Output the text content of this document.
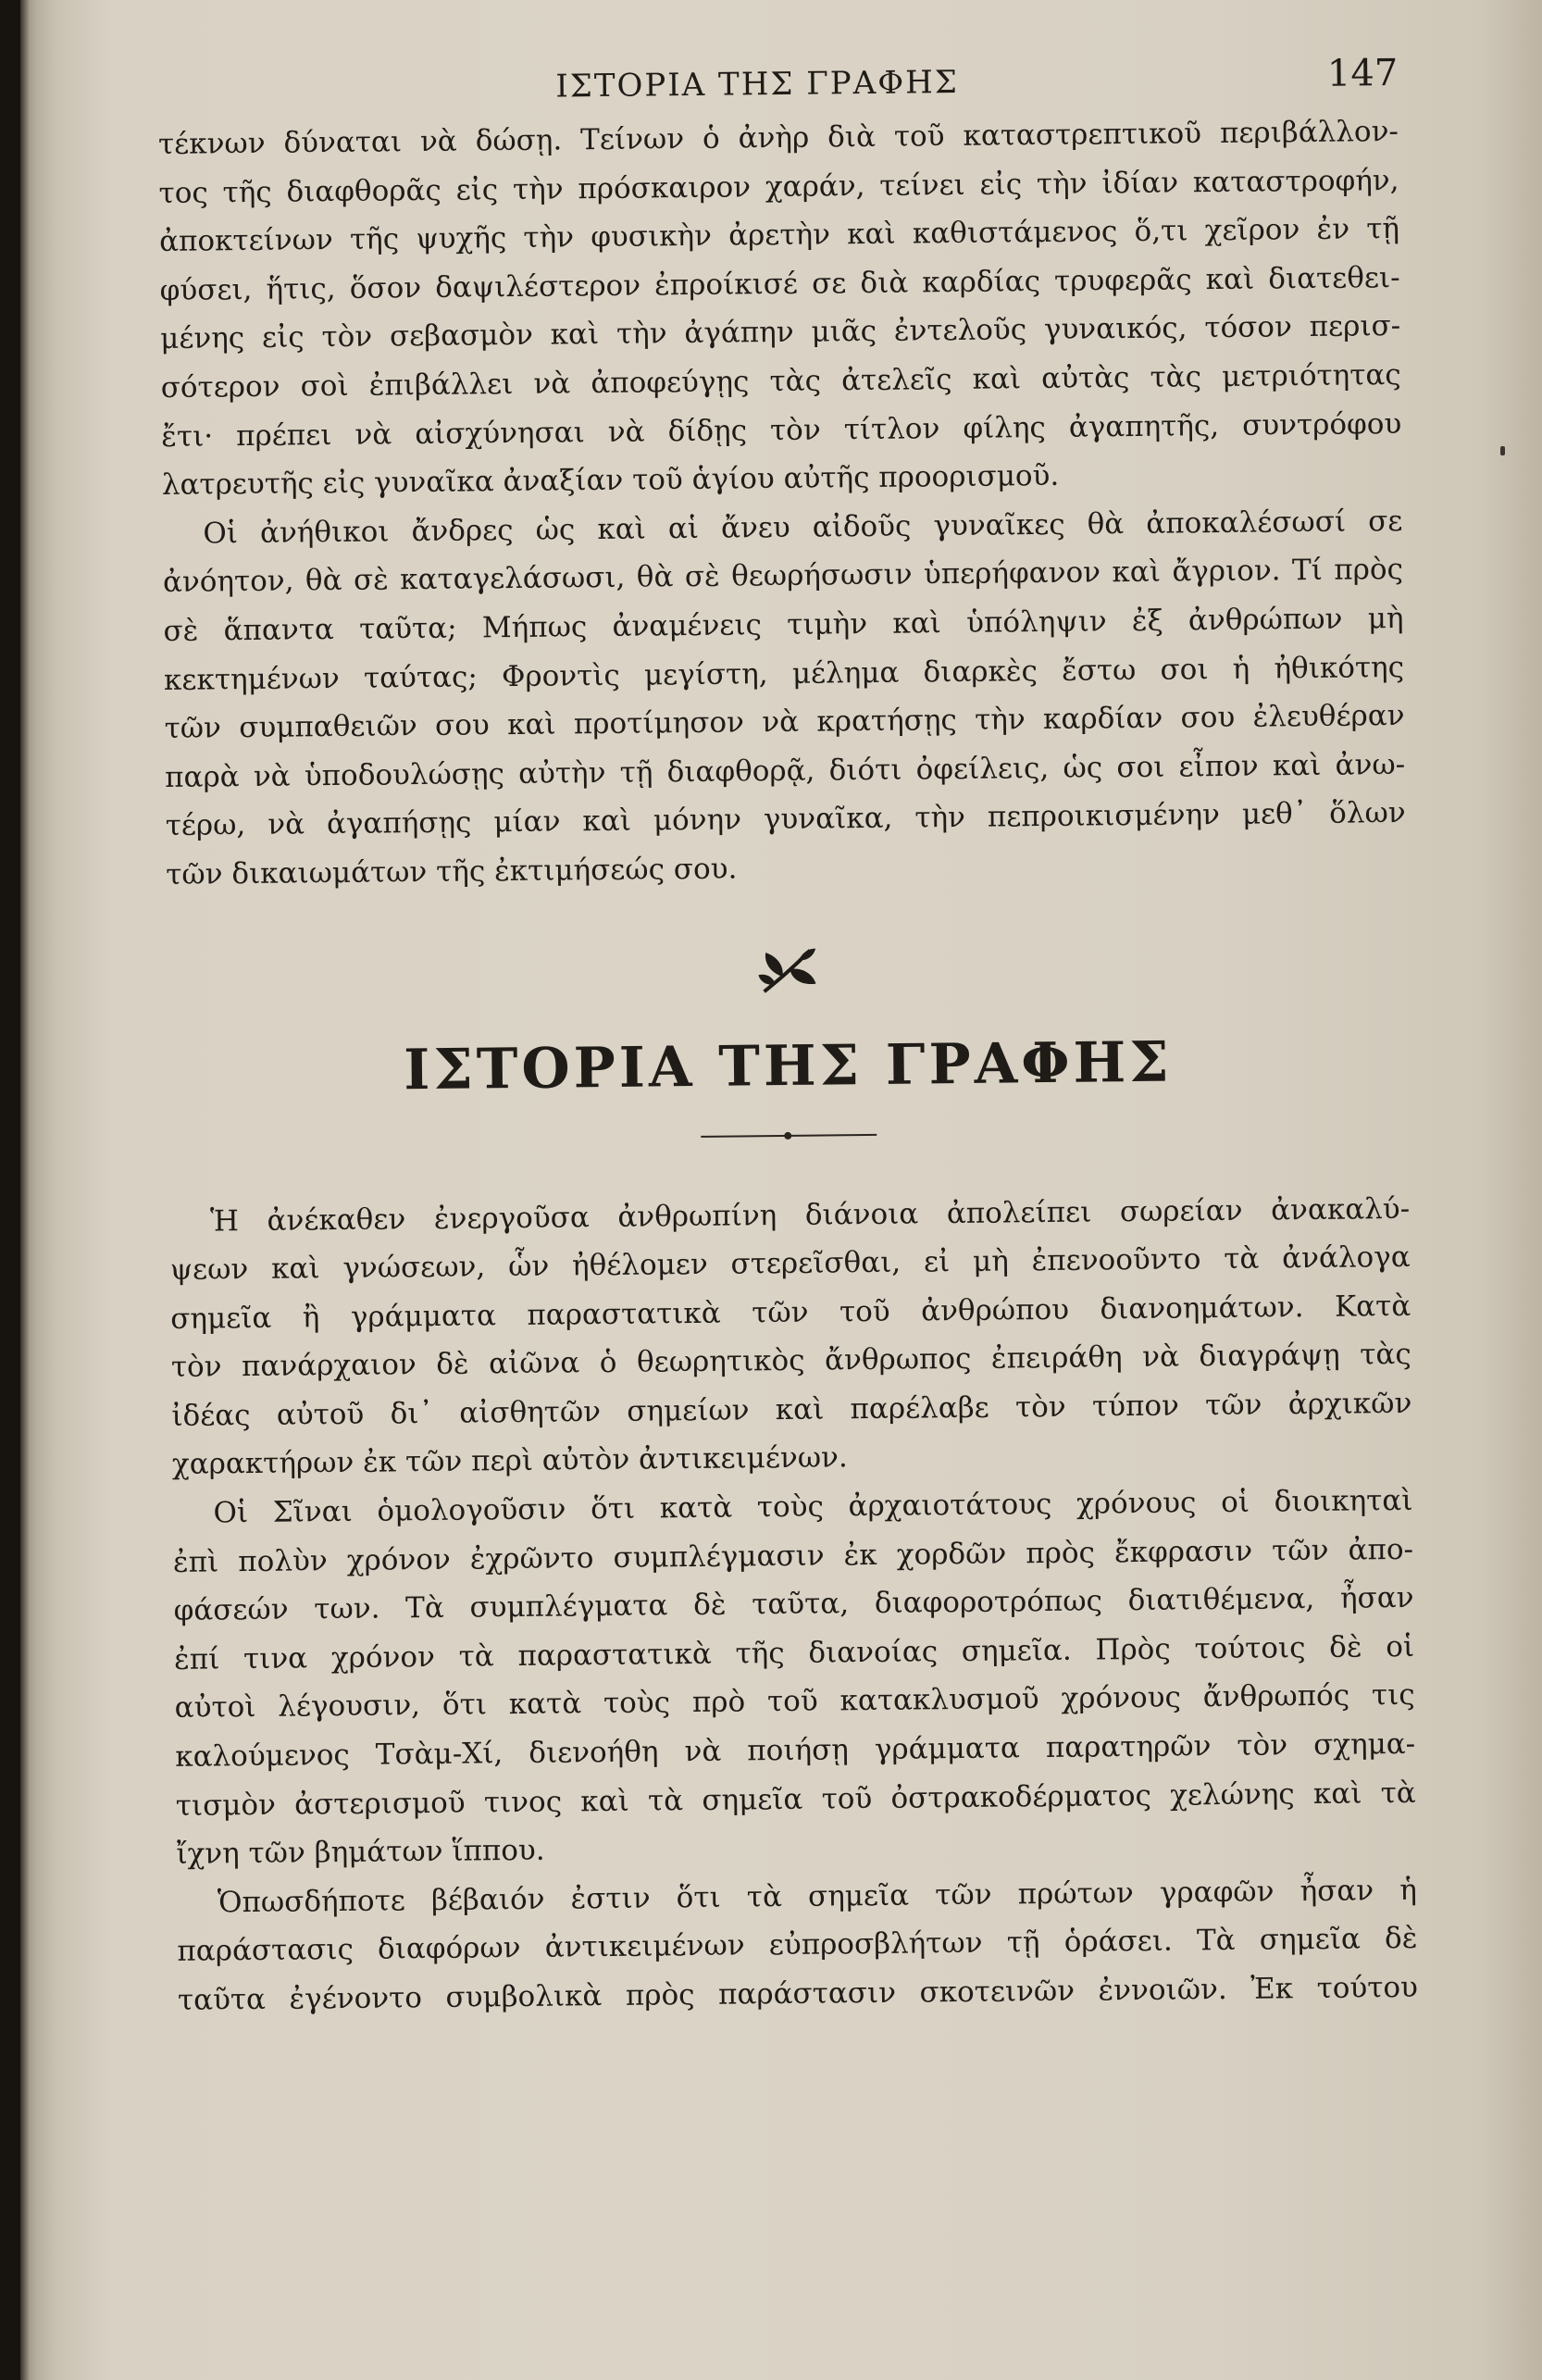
ΙΣΤΟΡΙΑ ΤΗΣ ΓΡΑΦΗΣ	147

τέκνων δύναται νὰ δώσῃ. Τείνων ὁ ἀνὴρ διὰ τοῦ καταστρεπτικοῦ περιβάλλον-
τος τῆς διαφθορᾶς εἰς τὴν πρόσκαιρον χαράν, τείνει εἰς τὴν ἰδίαν καταστροφήν,
ἀποκτείνων τῆς ψυχῆς τὴν φυσικὴν ἀρετὴν καὶ καθιστάμενος ὅ,τι χεῖρον ἐν τῇ
φύσει, ἥτις, ὅσον δαψιλέστερον ἐπροίκισέ σε διὰ καρδίας τρυφερᾶς καὶ διατεθει-
μένης εἰς τὸν σεβασμὸν καὶ τὴν ἀγάπην μιᾶς ἐντελοῦς γυναικός, τόσον περισ-
σότερον σοὶ ἐπιβάλλει νὰ ἀποφεύγῃς τὰς ἀτελεῖς καὶ αὐτὰς τὰς μετριότητας
ἔτι· πρέπει νὰ αἰσχύνησαι νὰ δίδῃς τὸν τίτλον φίλης ἀγαπητῆς, συντρόφου
λατρευτῆς εἰς γυναῖκα ἀναξίαν τοῦ ἁγίου αὐτῆς προορισμοῦ.
Οἱ ἀνήθικοι ἄνδρες ὡς καὶ αἱ ἄνευ αἰδοῦς γυναῖκες θὰ ἀποκαλέσωσί σε
ἀνόητον, θὰ σὲ καταγελάσωσι, θὰ σὲ θεωρήσωσιν ὑπερήφανον καὶ ἄγριον. Τί πρὸς
σὲ ἅπαντα ταῦτα; Μήπως ἀναμένεις τιμὴν καὶ ὑπόληψιν ἐξ ἀνθρώπων μὴ
κεκτημένων ταύτας; Φροντὶς μεγίστη, μέλημα διαρκὲς ἔστω σοι ἡ ἠθικότης
τῶν συμπαθειῶν σου καὶ προτίμησον νὰ κρατήσῃς τὴν καρδίαν σου ἐλευθέραν
παρὰ νὰ ὑποδουλώσῃς αὐτὴν τῇ διαφθορᾷ, διότι ὀφείλεις, ὡς σοι εἶπον καὶ ἀνω-
τέρω, νὰ ἀγαπήσῃς μίαν καὶ μόνην γυναῖκα, τὴν πεπροικισμένην μεθ᾽ ὅλων
τῶν δικαιωμάτων τῆς ἐκτιμήσεώς σου.

ΙΣΤΟΡΙΑ ΤΗΣ ΓΡΑΦΗΣ

Ἡ ἀνέκαθεν ἐνεργοῦσα ἀνθρωπίνη διάνοια ἀπολείπει σωρείαν ἀνακαλύ-
ψεων καὶ γνώσεων, ὧν ἠθέλομεν στερεῖσθαι, εἰ μὴ ἐπενοοῦντο τὰ ἀνάλογα
σημεῖα ἢ γράμματα παραστατικὰ τῶν τοῦ ἀνθρώπου διανοημάτων. Κατὰ
τὸν πανάρχαιον δὲ αἰῶνα ὁ θεωρητικὸς ἄνθρωπος ἐπειράθη νὰ διαγράψῃ τὰς
ἰδέας αὐτοῦ δι᾽ αἰσθητῶν σημείων καὶ παρέλαβε τὸν τύπον τῶν ἀρχικῶν
χαρακτήρων ἐκ τῶν περὶ αὐτὸν ἀντικειμένων.
Οἱ Σῖναι ὁμολογοῦσιν ὅτι κατὰ τοὺς ἀρχαιοτάτους χρόνους οἱ διοικηταὶ
ἐπὶ πολὺν χρόνον ἐχρῶντο συμπλέγμασιν ἐκ χορδῶν πρὸς ἔκφρασιν τῶν ἀπο-
φάσεών των. Τὰ συμπλέγματα δὲ ταῦτα, διαφοροτρόπως διατιθέμενα, ἦσαν
ἐπί τινα χρόνον τὰ παραστατικὰ τῆς διανοίας σημεῖα. Πρὸς τούτοις δὲ οἱ
αὐτοὶ λέγουσιν, ὅτι κατὰ τοὺς πρὸ τοῦ κατακλυσμοῦ χρόνους ἄνθρωπός τις
καλούμενος Τσὰμ-Χί, διενοήθη νὰ ποιήσῃ γράμματα παρατηρῶν τὸν σχημα-
τισμὸν ἀστερισμοῦ τινος καὶ τὰ σημεῖα τοῦ ὀστρακοδέρματος χελώνης καὶ τὰ
ἴχνη τῶν βημάτων ἵππου.
Ὁπωσδήποτε βέβαιόν ἐστιν ὅτι τὰ σημεῖα τῶν πρώτων γραφῶν ἦσαν ἡ
παράστασις διαφόρων ἀντικειμένων εὐπροσβλήτων τῇ ὁράσει. Τὰ σημεῖα δὲ
ταῦτα ἐγένοντο συμβολικὰ πρὸς παράστασιν σκοτεινῶν ἐννοιῶν. Ἐκ τούτου
